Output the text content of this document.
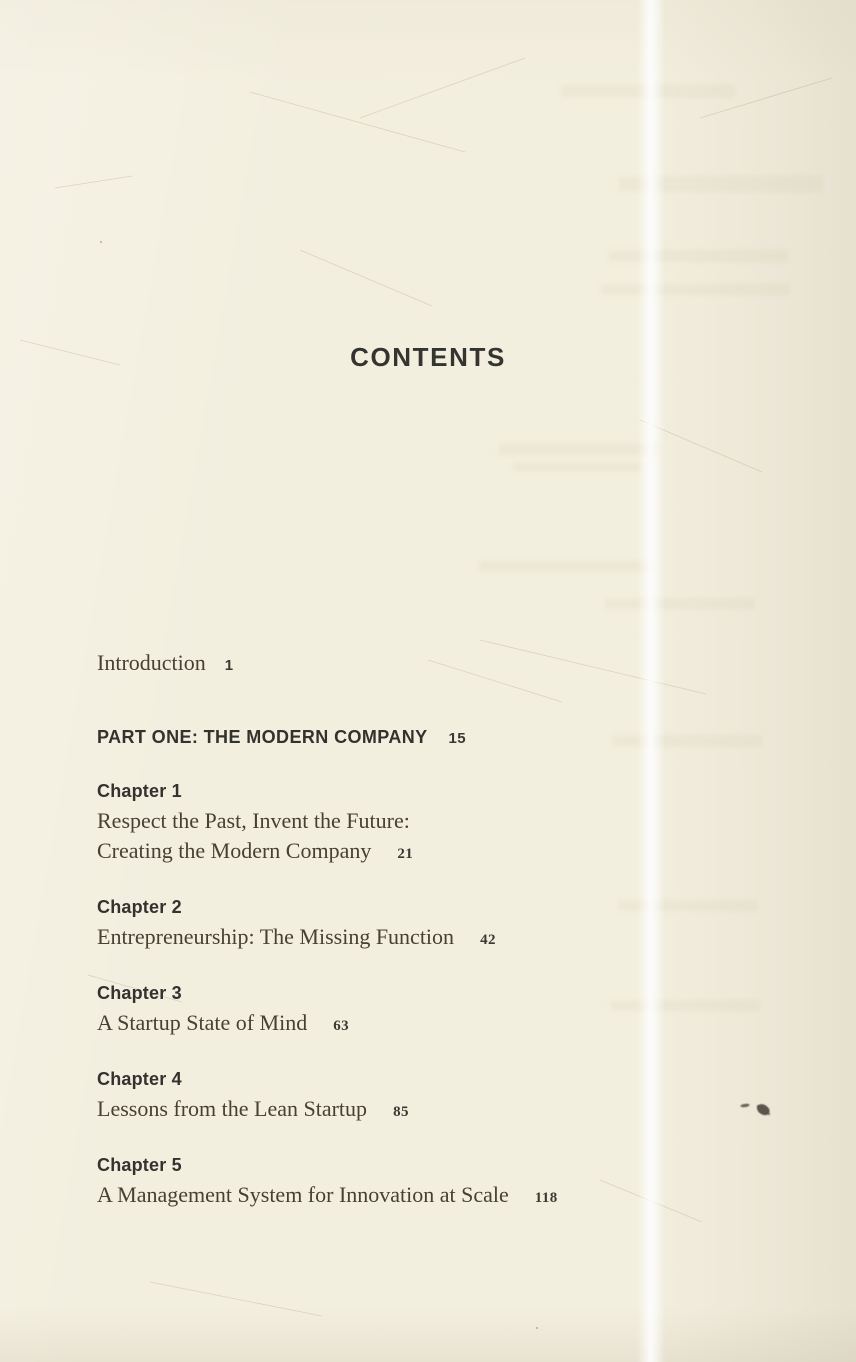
CONTENTS
Introduction 1
PART ONE: THE MODERN COMPANY 15
Chapter 1
Respect the Past, Invent the Future:
Creating the Modern Company 21
Chapter 2
Entrepreneurship: The Missing Function 42
Chapter 3
A Startup State of Mind 63
Chapter 4
Lessons from the Lean Startup 85
Chapter 5
A Management System for Innovation at Scale 118
